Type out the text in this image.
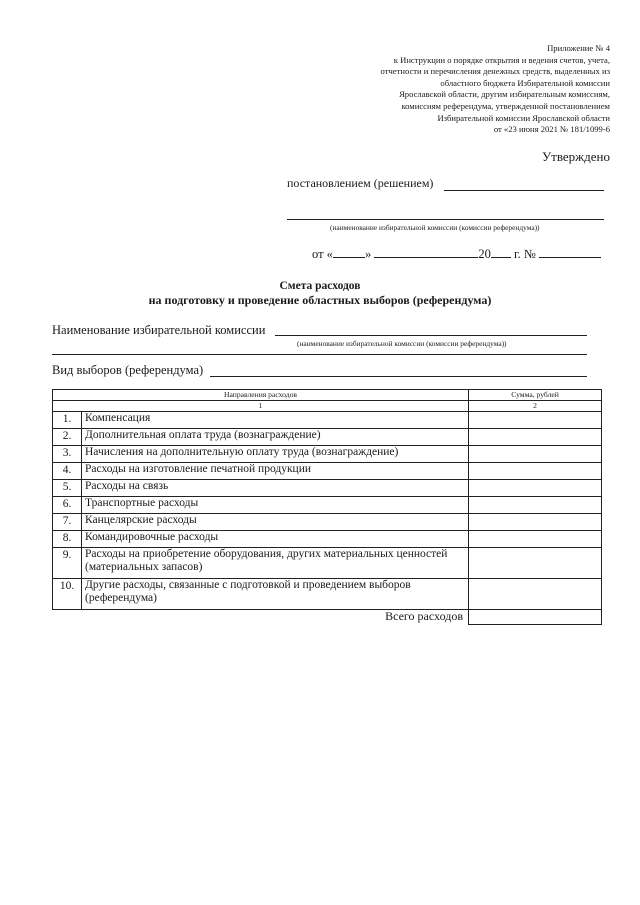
Приложение № 4
к Инструкции о порядке открытия и ведения счетов, учета,
отчетности и перечисления денежных средств, выделенных из
областного бюджета Избирательной комиссии
Ярославской области, другим избирательным комиссиям,
комиссиям референдума, утвержденной постановлением
Избирательной комиссии Ярославской области
от «23 июня 2021 № 181/1099-6
Утверждено
постановлением (решением)
(наименование избирательной комиссии (комиссии референдума))
от «	»	20 г. №
Смета расходов
на подготовку и проведение областных выборов (референдума)
Наименование избирательной комиссии
(наименование избирательной комиссии (комиссии референдума))
Вид выборов (референдума)
Направления расходов		Сумма, рублей
1		2
1.	Компенсация	
2.	Дополнительная оплата труда (вознаграждение)	
3.	Начисления на дополнительную оплату труда (вознаграждение)	
4.	Расходы на изготовление печатной продукции	
5.	Расходы на связь	
6.	Транспортные расходы	
7.	Канцелярские расходы	
8.	Командировочные расходы	
9.	Расходы на приобретение оборудования, других материальных ценностей (материальных запасов)	
10.	Другие расходы, связанные с подготовкой и проведением выборов (референдума)	
	Всего расходов	
